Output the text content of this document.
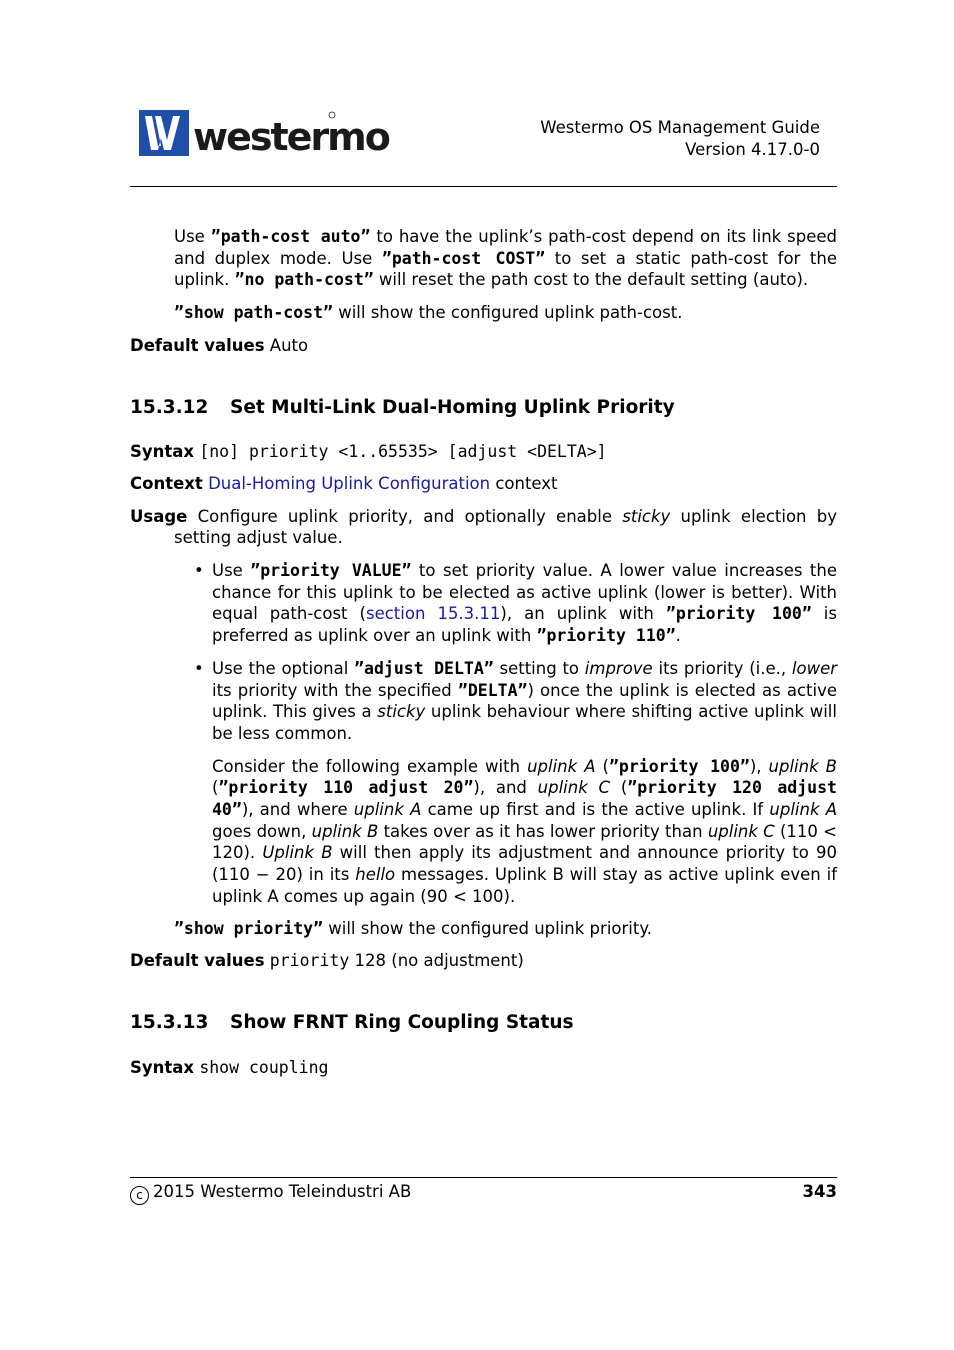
westermo	Westermo OS Management Guide
Version 4.17.0-0

Use ”path-cost auto” to have the uplink’s path-cost depend on its link speed and duplex mode. Use ”path-cost COST” to set a static path-cost for the uplink. ”no path-cost” will reset the path cost to the default setting (auto).

”show path-cost” will show the configured uplink path-cost.

Default values Auto

15.3.12 Set Multi-Link Dual-Homing Uplink Priority

Syntax [no] priority <1..65535> [adjust <DELTA>]

Context Dual-Homing Uplink Configuration context

Usage Configure uplink priority, and optionally enable sticky uplink election by setting adjust value.

• Use ”priority VALUE” to set priority value. A lower value increases the chance for this uplink to be elected as active uplink (lower is better). With equal path-cost (section 15.3.11), an uplink with ”priority 100” is preferred as uplink over an uplink with ”priority 110”.
• Use the optional ”adjust DELTA” setting to improve its priority (i.e., lower its priority with the specified ”DELTA”) once the uplink is elected as active uplink. This gives a sticky uplink behaviour where shifting active uplink will be less common.

Consider the following example with uplink A (”priority 100”), uplink B (”priority 110 adjust 20”), and uplink C (”priority 120 adjust 40”), and where uplink A came up first and is the active uplink. If uplink A goes down, uplink B takes over as it has lower priority than uplink C (110 < 120). Uplink B will then apply its adjustment and announce priority to 90 (110 − 20) in its hello messages. Uplink B will stay as active uplink even if uplink A comes up again (90 < 100).

”show priority” will show the configured uplink priority.

Default values priority 128 (no adjustment)

15.3.13 Show FRNT Ring Coupling Status

Syntax show coupling

c 2015 Westermo Teleindustri AB	343
